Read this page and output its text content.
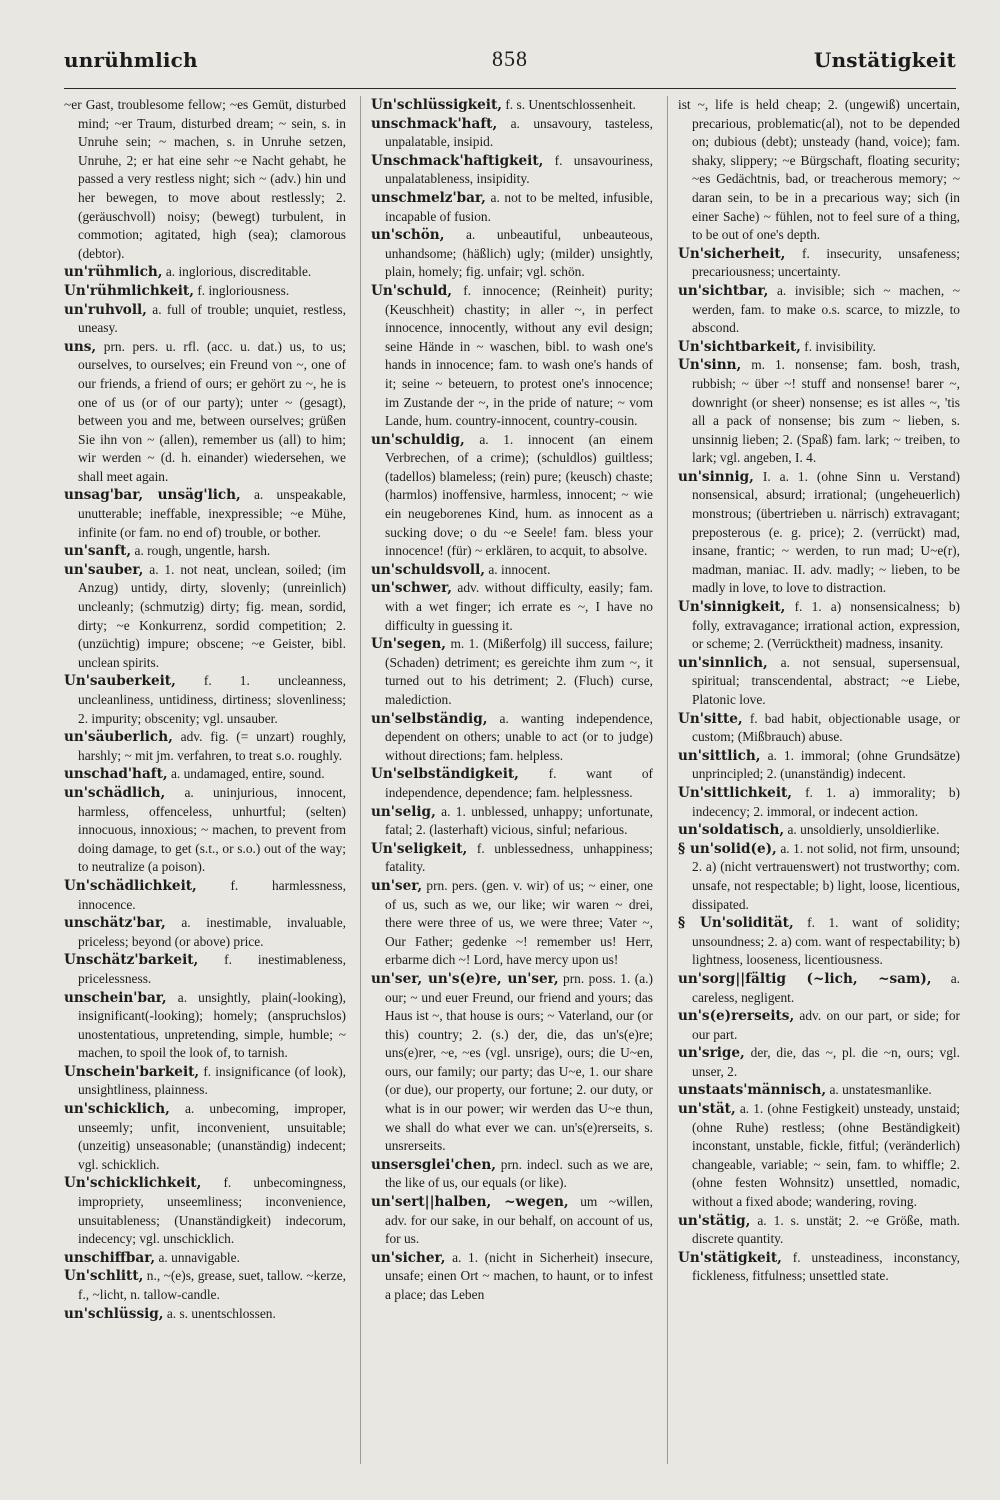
unrühmlich	858	Unstätigkeit

~er Gast, troublesome fellow; ~es Gemüt, disturbed mind; ~er Traum, disturbed dream; ~ sein, s. in Unruhe sein; ~ machen, s. in Unruhe setzen, Unruhe, 2; er hat eine sehr ~e Nacht gehabt, he passed a very restless night; sich ~ (adv.) hin und her bewegen, to move about restlessly; 2. (geräuschvoll) noisy; (bewegt) turbulent, in commotion; agitated, high (sea); clamorous (debtor).

un'rühmlich, a. inglorious, discreditable.

Un'rühmlichkeit, f. ingloriousness.

un'ruhvoll, a. full of trouble; unquiet, restless, uneasy.

uns, prn. pers. u. rfl. (acc. u. dat.) us, to us; ourselves, to ourselves; ein Freund von ~, one of our friends, a friend of ours; er gehört zu ~, he is one of us (or of our party); unter ~ (gesagt), between you and me, between ourselves; grüßen Sie ihn von ~ (allen), remember us (all) to him; wir werden ~ (d. h. einander) wiedersehen, we shall meet again.

unsag'bar, unsäg'lich, a. unspeakable, unutterable; ineffable, inexpressible; ~e Mühe, infinite (or fam. no end of) trouble, or bother.

un'sanft, a. rough, ungentle, harsh.

un'sauber, a. 1. not neat, unclean, soiled; (im Anzug) untidy, dirty, slovenly; (unreinlich) uncleanly; (schmutzig) dirty; fig. mean, sordid, dirty; ~e Konkurrenz, sordid competition; 2. (unzüchtig) impure; obscene; ~e Geister, bibl. unclean spirits.

Un'sauberkeit, f. 1. uncleanness, uncleanliness, untidiness, dirtiness; slovenliness; 2. impurity; obscenity; vgl. unsauber.

un'säuberlich, adv. fig. (= unzart) roughly, harshly; ~ mit jm. verfahren, to treat s.o. roughly.

unschad'haft, a. undamaged, entire, sound.

un'schädlich, a. uninjurious, innocent, harmless, offenceless, unhurtful; (selten) innocuous, innoxious; ~ machen, to prevent from doing damage, to get (s.t., or s.o.) out of the way; to neutralize (a poison).

Un'schädlichkeit,	f. harmlessness, innocence.

unschätz'bar, a. inestimable, invaluable, priceless; beyond (or above) price.

Unschätz'barkeit, f. inestimableness, pricelessness.

unschein'bar, a. unsightly, plain(-looking), insignificant(-looking); homely; (anspruchslos) unostentatious, unpretending, simple, humble; ~ machen, to spoil the look of, to tarnish.

Unschein'barkeit, f. insignificance (of look), unsightliness, plainness.

un'schicklich, a. unbecoming, improper, unseemly; unfit, inconvenient, unsuitable; (unzeitig) unseasonable; (unanständig) indecent; vgl. schicklich.

Un'schicklichkeit, f. unbecomingness, impropriety, unseemliness; inconvenience, unsuitableness; (Unanständigkeit) indecorum, indecency; vgl. unschicklich.

unschiffbar, a. unnavigable.

Un'schlitt, n., ~(e)s, grease, suet, tallow. ~kerze, f., ~licht, n. tallow-candle.

un'schlüssig, a. s. unentschlossen.

Un'schlüssigkeit, f. s. Unentschlossenheit.

unschmack'haft, a. unsavoury, tasteless, unpalatable, insipid.

Unschmack'haftigkeit, f. unsavouriness, unpalatableness, insipidity.

unschmelz'bar, a. not to be melted, infusible, incapable of fusion.

un'schön, a. unbeautiful, unbeauteous, unhandsome; (häßlich) ugly; (milder) unsightly, plain, homely; fig. unfair; vgl. schön.

Un'schuld, f. innocence; (Reinheit) purity; (Keuschheit) chastity; in aller ~, in perfect innocence, innocently, without any evil design; seine Hände in ~ waschen, bibl. to wash one's hands in innocence; fam. to wash one's hands of it; seine ~ beteuern, to protest one's innocence; im Zustande der ~, in the pride of nature; ~ vom Lande, hum. country-innocent, country-cousin.

un'schuldig, a. 1. innocent (an einem Verbrechen, of a crime); (schuldlos) guiltless; (tadellos) blameless; (rein) pure; (keusch) chaste; (harmlos) inoffensive, harmless, innocent; ~ wie ein neugeborenes Kind, hum. as innocent as a sucking dove; o du ~e Seele! fam. bless your innocence! (für) ~ erklären, to acquit, to absolve.

un'schuldsvoll, a. innocent.

un'schwer, adv. without difficulty, easily; fam. with a wet finger; ich errate es ~, I have no difficulty in guessing it.

Un'segen, m. 1. (Mißerfolg) ill success, failure; (Schaden) detriment; es gereichte ihm zum ~, it turned out to his detriment; 2. (Fluch) curse, malediction.

un'selbständig, a. wanting independence, dependent on others; unable to act (or to judge) without directions; fam. helpless.

Un'selbständigkeit, f. want of independence, dependence; fam. helplessness.

un'selig, a. 1. unblessed, unhappy; unfortunate, fatal; 2. (lasterhaft) vicious, sinful; nefarious.

Un'seligkeit, f. unblessedness, unhappiness; fatality.

un'ser, prn. pers. (gen. v. wir) of us; ~ einer, one of us, such as we, our like; wir waren ~ drei, there were three of us, we were three; Vater ~, Our Father; gedenke ~! remember us! Herr, erbarme dich ~! Lord, have mercy upon us!

un'ser, un's(e)re, un'ser, prn. poss. 1. (a.) our; ~ und euer Freund, our friend and yours; das Haus ist ~, that house is ours; ~ Vaterland, our (or this) country; 2. (s.) der, die, das un's(e)re; uns(e)rer, ~e, ~es (vgl. unsrige), ours; die U~en, ours, our family; our party; das U~e, 1. our share (or due), our property, our fortune; 2. our duty, or what is in our power; wir werden das U~e thun, we shall do what ever we can. un's(e)rerseits, s. unsrerseits.

unsersglei'chen, prn. indecl. such as we are, the like of us, our equals (or like).

un'sert||halben, ~wegen, um ~willen, adv. for our sake, in our behalf, on account of us, for us.

un'sicher, a. 1. (nicht in Sicherheit) insecure, unsafe; einen Ort ~ machen, to haunt, or to infest a place; das Leben

ist ~, life is held cheap; 2. (ungewiß) uncertain, precarious, problematic(al), not to be depended on; dubious (debt); unsteady (hand, voice); fam. shaky, slippery; ~e Bürgschaft, floating security; ~es Gedächtnis, bad, or treacherous memory; ~ daran sein, to be in a precarious way; sich (in einer Sache) ~ fühlen, not to feel sure of a thing, to be out of one's depth.

Un'sicherheit, f. insecurity, unsafeness; precariousness; uncertainty.

un'sichtbar, a. invisible; sich ~ machen, ~ werden, fam. to make o.s. scarce, to mizzle, to abscond.

Un'sichtbarkeit, f. invisibility.

Un'sinn, m. 1. nonsense; fam. bosh, trash, rubbish; ~ über ~! stuff and nonsense! barer ~, downright (or sheer) nonsense; es ist alles ~, 'tis all a pack of nonsense; bis zum ~ lieben, s. unsinnig lieben; 2. (Spaß) fam. lark; ~ treiben, to lark; vgl. angeben, I. 4.

un'sinnig, I. a. 1. (ohne Sinn u. Verstand) nonsensical, absurd; irrational; (ungeheuerlich) monstrous; (übertrieben u. närrisch) extravagant; preposterous (e. g. price); 2. (verrückt) mad, insane, frantic; ~ werden, to run mad; U~e(r), madman, maniac. II. adv. madly; ~ lieben, to be madly in love, to love to distraction.

Un'sinnigkeit, f. 1. a) nonsensicalness; b) folly, extravagance; irrational action, expression, or scheme; 2. (Verrücktheit) madness, insanity.

un'sinnlich, a. not sensual, supersensual, spiritual; transcendental, abstract; ~e Liebe, Platonic love.

Un'sitte, f. bad habit, objectionable usage, or custom; (Mißbrauch) abuse.

un'sittlich, a. 1. immoral; (ohne Grundsätze) unprincipled; 2. (unanständig) indecent.

Un'sittlichkeit, f. 1. a) immorality; b) indecency; 2. immoral, or indecent action.

un'soldatisch, a. unsoldierly, unsoldierlike.

§ un'solid(e), a. 1. not solid, not firm, unsound; 2. a) (nicht vertrauenswert) not trustworthy; com. unsafe, not respectable; b) light, loose, licentious, dissipated.

§ Un'solidität, f. 1. want of solidity; unsoundness; 2. a) com. want of respectability; b) lightness, looseness, licentiousness.

un'sorg||fältig (~lich, ~sam), a. careless, negligent.

un's(e)rerseits, adv. on our part, or side; for our part.

un'srige, der, die, das ~, pl. die ~n, ours; vgl. unser, 2.

unstaats'männisch, a. unstatesmanlike.

un'stät, a. 1. (ohne Festigkeit) unsteady, unstaid; (ohne Ruhe) restless; (ohne Beständigkeit) inconstant, unstable, fickle, fitful; (veränderlich) changeable, variable; ~ sein, fam. to whiffle; 2. (ohne festen Wohnsitz) unsettled, nomadic, without a fixed abode; wandering, roving.

un'stätig, a. 1. s. unstät; 2. ~e Größe, math. discrete quantity.

Un'stätigkeit, f. unsteadiness, inconstancy, fickleness, fitfulness; unsettled state.
